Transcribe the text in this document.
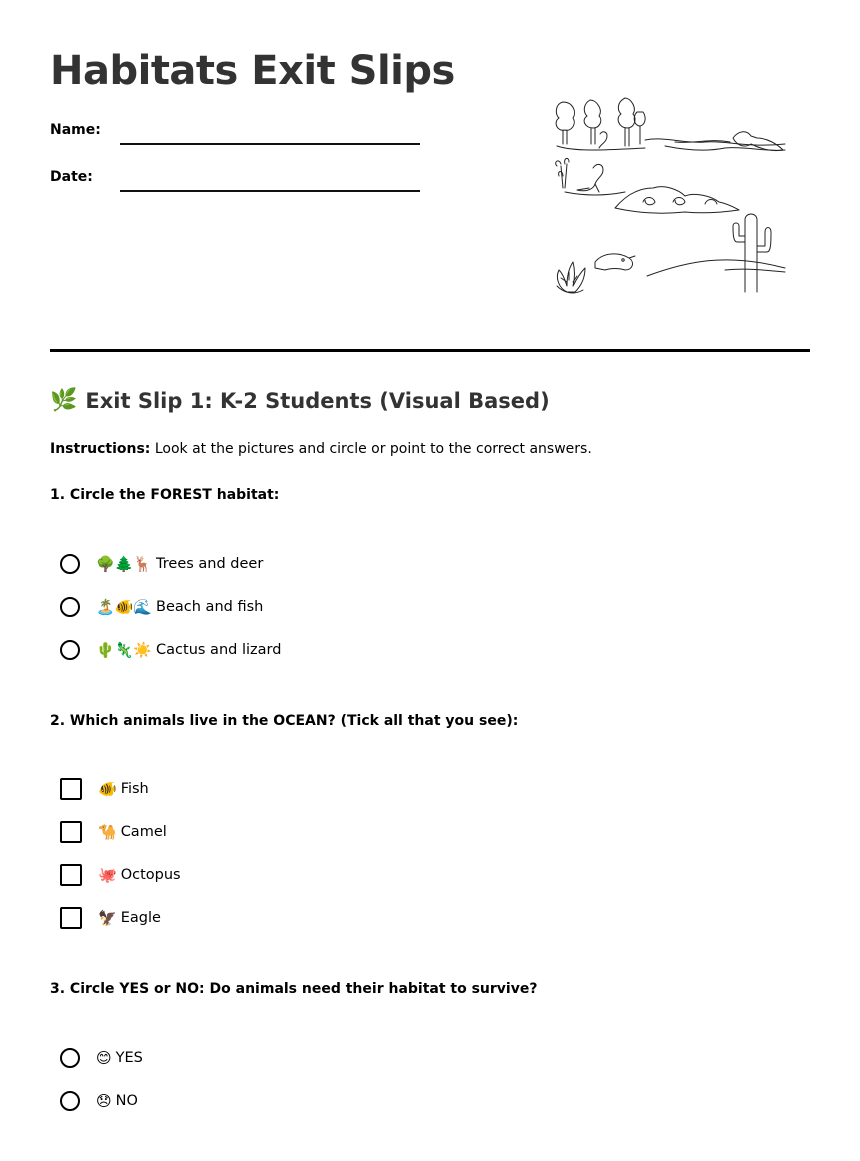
Habitats Exit Slips
Name:
Date:
🌿 Exit Slip 1: K-2 Students (Visual Based)
Instructions: Look at the pictures and circle or point to the correct answers.
1. Circle the FOREST habitat:
🌳🌲🦌 Trees and deer
🏝️🐠🌊 Beach and fish
🌵🦎☀️ Cactus and lizard
2. Which animals live in the OCEAN? (Tick all that you see):
🐠 Fish
🐪 Camel
🐙 Octopus
🦅 Eagle
3. Circle YES or NO: Do animals need their habitat to survive?
😊 YES
😞 NO
